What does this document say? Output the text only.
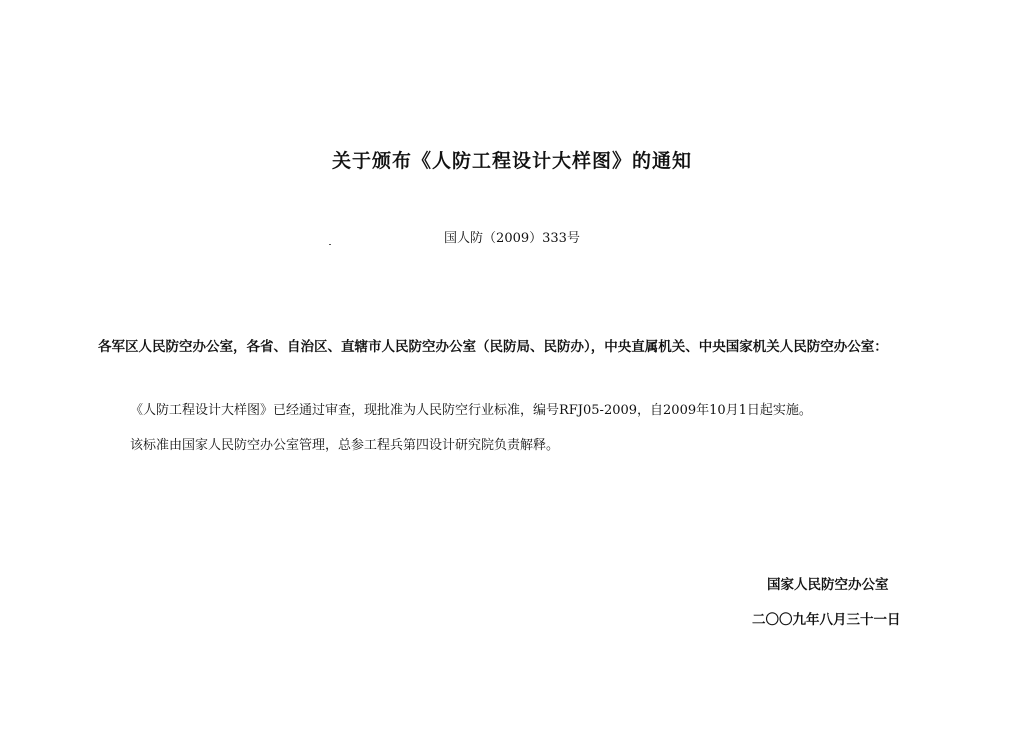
关于颁布《人防工程设计大样图》的通知
国人防（2009）333号
各军区人民防空办公室，各省、自治区、直辖市人民防空办公室（民防局、民防办），中央直属机关、中央国家机关人民防空办公室：
《人防工程设计大样图》已经通过审查，现批准为人民防空行业标准，编号RFJ05-2009，自2009年10月1日起实施。
该标准由国家人民防空办公室管理，总参工程兵第四设计研究院负责解释。
国家人民防空办公室
二〇〇九年八月三十一日
